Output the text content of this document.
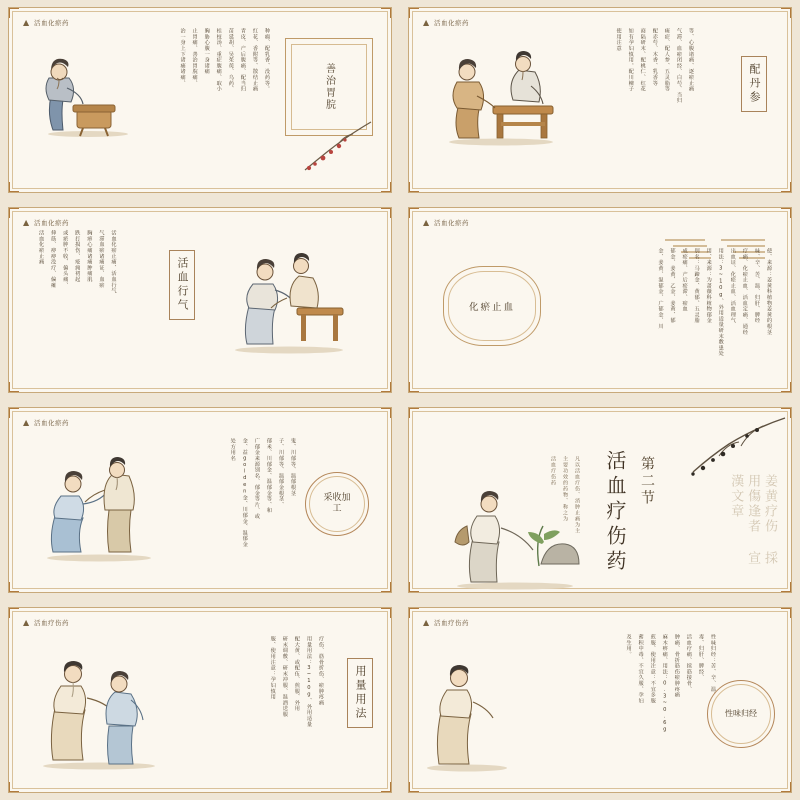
▲ 活血化瘀药
治一身上下诸痛诸痛、 止胃痛、善治胃脘痛、 胸胁心腹一身诸痛 桂枝汤、重症腹痛、取小 苗延胡、吴茱萸、乌药、 青皮、产后腹痛、配当归 红花、香附等、散结止痛 种瘤、配乳香、没药等。	善治胃脘
▲ 活血化瘀药
使用注意 如有孕妇慎用，配川楝子 商陆研末、配桃仁、红花 配赤芍、木香、乳香等 痰症、配人参、五灵脂等 气滞、血瘀闭经、白芍、当归 等、心腹诸痛、逐瘀止痛	配丹参
▲ 活血化瘀药
活血化瘀止痛 伸筋、痹痹没疗、偏瘫 或瘀肿不收、偏头痛、 跌打损伤、疮痈初起 胸痹心痛诸痛肿痛肌 气滞血瘀诸痛证、血瘀 活血化瘀止痛、活血行气	活血行气
▲ 活血化瘀药
化瘀止血	金、姜黄、温郁金、广郁金、川 郁金、姜黄、乙金、姜黄、郁 成瘀痛、产后瘀滞、瘀血 别名：马蹄金、黄郁、五灵脂 用、来源：为蔷薇科植物郁金 用法：3~10g、外用适量研末敷患处 出血证、化瘀止血、活血理气 疗痛、化瘀止血、活血定痛、通经 味、辛、苦、温、归肝、脾经 使、来源：姜黄科植物姜黄的根茎
▲ 活血化瘀药
处方用名 金、益golden金、川郁金、温郁金 广郁金来源别名、郁金等片、或 郁米、川郁金、温郁金等、和 子、川郁等、温郁金根茎、 鬼、川郁等、温郁根茎
采收加工	姜黄疗伤 採用傷逢者 宣漢文章
活血疗伤药 第二节
活血疗伤药 主要功效的药物、称之为 凡以活血疗伤、消肿止痛为主
▲ 活血疗伤药
服、使用注意：孕妇慎用 研末调敷、研末冲服、温酒送服 配大黄、或配伍、煎服、外用 用量用法：3~10g、外用适量 疗伤、筋骨折伤、瘀肿疼痛	用量用法
▲ 活血疗伤药
及生用。 蓄积中毒、不宜久服、孕妇 煎服、使用注意：不宜多服 麻木痹痛、用法：0.3~0.6g 肿痛、骨折筋伤瘀肿疼痛 活血疗痛、续筋接骨、 毒、归肝、脾经、 性味归经：苦、辛、温、
性味归经
